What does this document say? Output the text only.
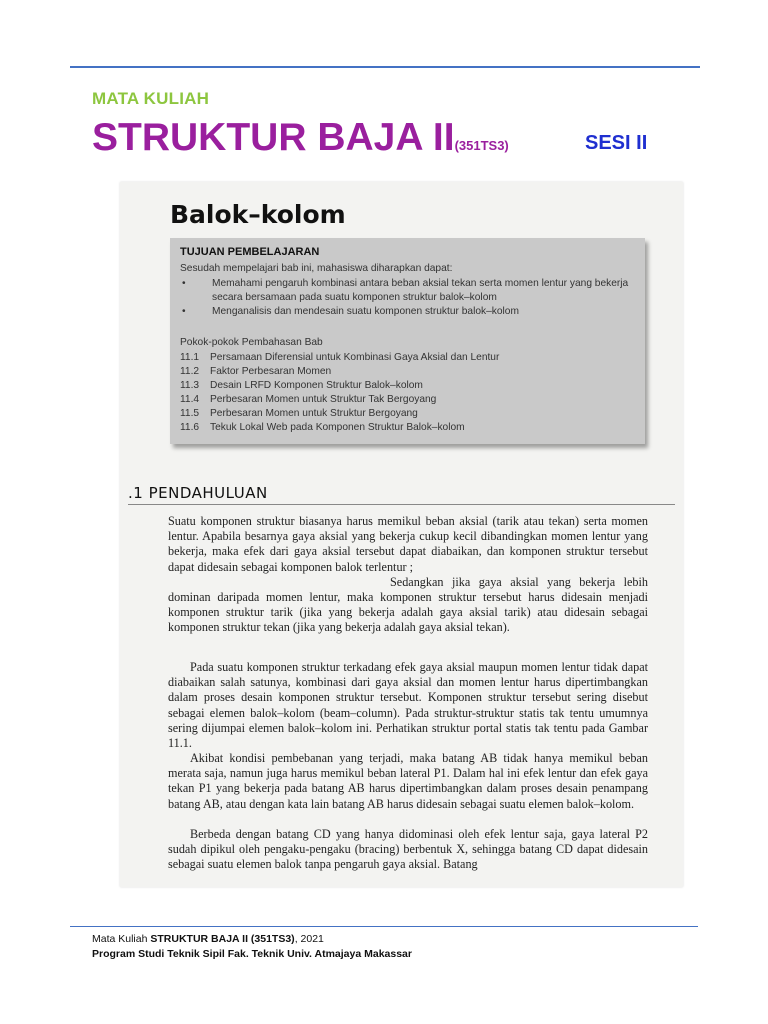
MATA KULIAH
STRUKTUR BAJA II(351TS3)	SESI II
Balok–kolom
TUJUAN PEMBELAJARAN
Sesudah mempelajari bab ini, mahasiswa diharapkan dapat:
•	Memahami pengaruh kombinasi antara beban aksial tekan serta momen lentur yang bekerja secara bersamaan pada suatu komponen struktur balok–kolom
•	Menganalisis dan mendesain suatu komponen struktur balok–kolom
Pokok-pokok Pembahasan Bab
11.1 Persamaan Diferensial untuk Kombinasi Gaya Aksial dan Lentur
11.2 Faktor Perbesaran Momen
11.3 Desain LRFD Komponen Struktur Balok–kolom
11.4 Perbesaran Momen untuk Struktur Tak Bergoyang
11.5 Perbesaran Momen untuk Struktur Bergoyang
11.6 Tekuk Lokal Web pada Komponen Struktur Balok–kolom
.1 PENDAHULUAN

Suatu komponen struktur biasanya harus memikul beban aksial (tarik atau tekan) serta momen lentur. Apabila besarnya gaya aksial yang bekerja cukup kecil dibandingkan momen lentur yang bekerja, maka efek dari gaya aksial tersebut dapat diabaikan, dan komponen struktur tersebut dapat didesain sebagai komponen balok terlentur ;

Sedangkan jika gaya aksial yang bekerja lebih dominan daripada momen lentur, maka komponen struktur tersebut harus didesain menjadi komponen struktur tarik (jika yang bekerja adalah gaya aksial tarik) atau didesain sebagai komponen struktur tekan (jika yang bekerja adalah gaya aksial tekan).

Pada suatu komponen struktur terkadang efek gaya aksial maupun momen lentur tidak dapat diabaikan salah satunya, kombinasi dari gaya aksial dan momen lentur harus dipertimbangkan dalam proses desain komponen struktur tersebut. Komponen struktur tersebut sering disebut sebagai elemen balok–kolom (beam–column). Pada struktur-struktur statis tak tentu umumnya sering dijumpai elemen balok–kolom ini. Perhatikan struktur portal statis tak tentu pada Gambar 11.1.

Akibat kondisi pembebanan yang terjadi, maka batang AB tidak hanya memikul beban merata saja, namun juga harus memikul beban lateral P1. Dalam hal ini efek lentur dan efek gaya tekan P1 yang bekerja pada batang AB harus dipertimbangkan dalam proses desain penampang batang AB, atau dengan kata lain batang AB harus didesain sebagai suatu elemen balok–kolom.

Berbeda dengan batang CD yang hanya didominasi oleh efek lentur saja, gaya lateral P2 sudah dipikul oleh pengaku-pengaku (bracing) berbentuk X, sehingga batang CD dapat didesain sebagai suatu elemen balok tanpa pengaruh gaya aksial. Batang

Mata Kuliah STRUKTUR BAJA II (351TS3), 2021
Program Studi Teknik Sipil Fak. Teknik Univ. Atmajaya Makassar
